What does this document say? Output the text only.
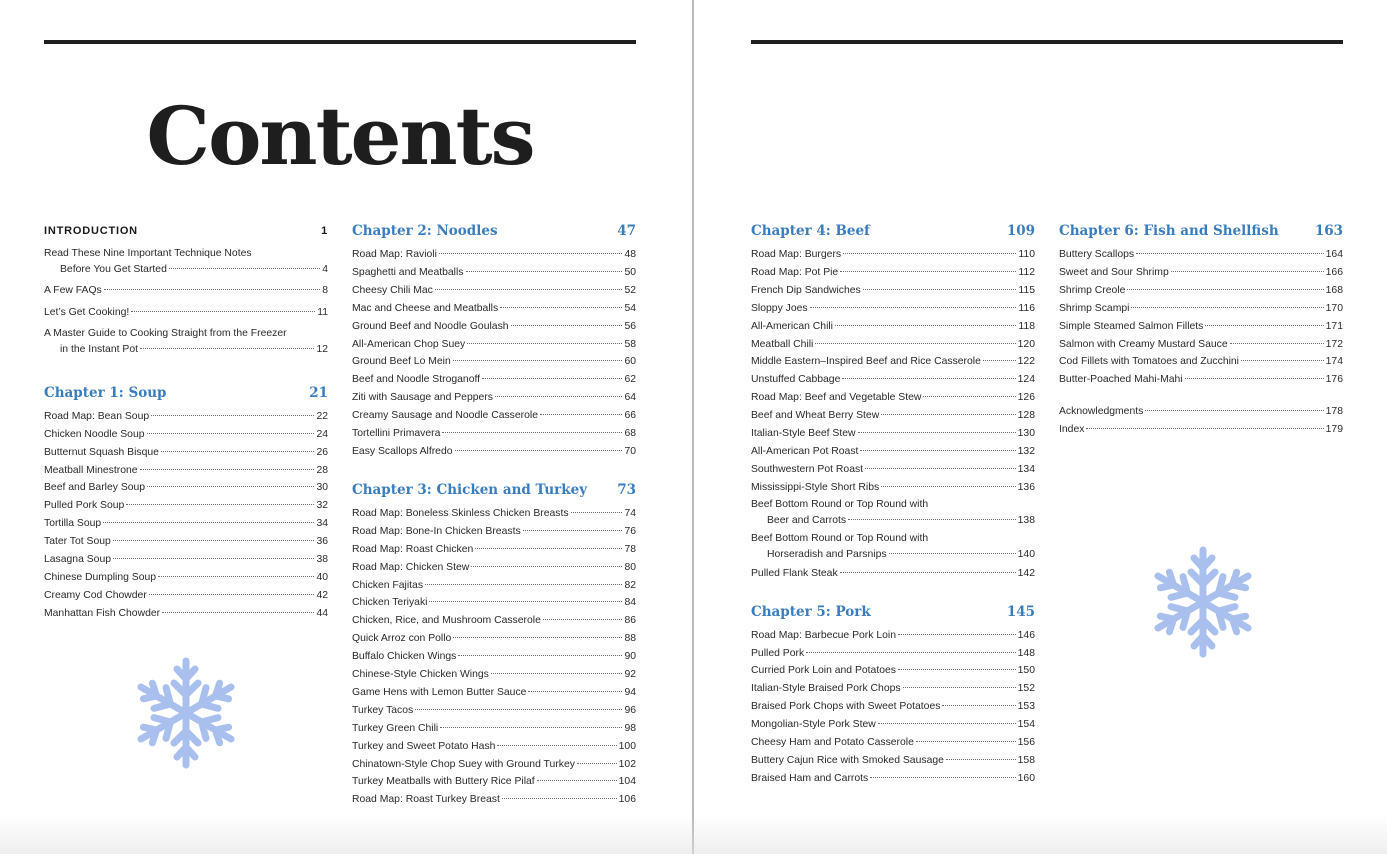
Contents
INTRODUCTION	1
Read These Nine Important Technique Notes
Before You Get Started	4
A Few FAQs	8
Let’s Get Cooking!	11
A Master Guide to Cooking Straight from the Freezer
in the Instant Pot	12
Chapter 1: Soup	21
Road Map: Bean Soup	22
Chicken Noodle Soup	24
Butternut Squash Bisque	26
Meatball Minestrone	28
Beef and Barley Soup	30
Pulled Pork Soup	32
Tortilla Soup	34
Tater Tot Soup	36
Lasagna Soup	38
Chinese Dumpling Soup	40
Creamy Cod Chowder	42
Manhattan Fish Chowder	44
Chapter 2: Noodles	47
Road Map: Ravioli	48
Spaghetti and Meatballs	50
Cheesy Chili Mac	52
Mac and Cheese and Meatballs	54
Ground Beef and Noodle Goulash	56
All-American Chop Suey	58
Ground Beef Lo Mein	60
Beef and Noodle Stroganoff	62
Ziti with Sausage and Peppers	64
Creamy Sausage and Noodle Casserole	66
Tortellini Primavera	68
Easy Scallops Alfredo	70
Chapter 3: Chicken and Turkey 73
Road Map: Boneless Skinless Chicken Breasts	74
Road Map: Bone-In Chicken Breasts	76
Road Map: Roast Chicken	78
Road Map: Chicken Stew	80
Chicken Fajitas	82
Chicken Teriyaki	84
Chicken, Rice, and Mushroom Casserole	86
Quick Arroz con Pollo	88
Buffalo Chicken Wings	90
Chinese-Style Chicken Wings	92
Game Hens with Lemon Butter Sauce	94
Turkey Tacos	96
Turkey Green Chili	98
Turkey and Sweet Potato Hash	100
Chinatown-Style Chop Suey with Ground Turkey	102
Turkey Meatballs with Buttery Rice Pilaf	104
Road Map: Roast Turkey Breast	106
Chapter 4: Beef	109
Road Map: Burgers	110
Road Map: Pot Pie	112
French Dip Sandwiches	115
Sloppy Joes	116
All-American Chili	118
Meatball Chili	120
Middle Eastern–Inspired Beef and Rice Casserole	122
Unstuffed Cabbage	124
Road Map: Beef and Vegetable Stew	126
Beef and Wheat Berry Stew	128
Italian-Style Beef Stew	130
All-American Pot Roast	132
Southwestern Pot Roast	134
Mississippi-Style Short Ribs	136
Beef Bottom Round or Top Round with
Beer and Carrots	138
Beef Bottom Round or Top Round with
Horseradish and Parsnips	140
Pulled Flank Steak	142
Chapter 5: Pork	145
Road Map: Barbecue Pork Loin	146
Pulled Pork	148
Curried Pork Loin and Potatoes	150
Italian-Style Braised Pork Chops	152
Braised Pork Chops with Sweet Potatoes	153
Mongolian-Style Pork Stew	154
Cheesy Ham and Potato Casserole	156
Buttery Cajun Rice with Smoked Sausage	158
Braised Ham and Carrots	160
Chapter 6: Fish and Shellfish	163
Buttery Scallops	164
Sweet and Sour Shrimp	166
Shrimp Creole	168
Shrimp Scampi	170
Simple Steamed Salmon Fillets	171
Salmon with Creamy Mustard Sauce	172
Cod Fillets with Tomatoes and Zucchini	174
Butter-Poached Mahi-Mahi	176
Acknowledgments	178
Index	179
